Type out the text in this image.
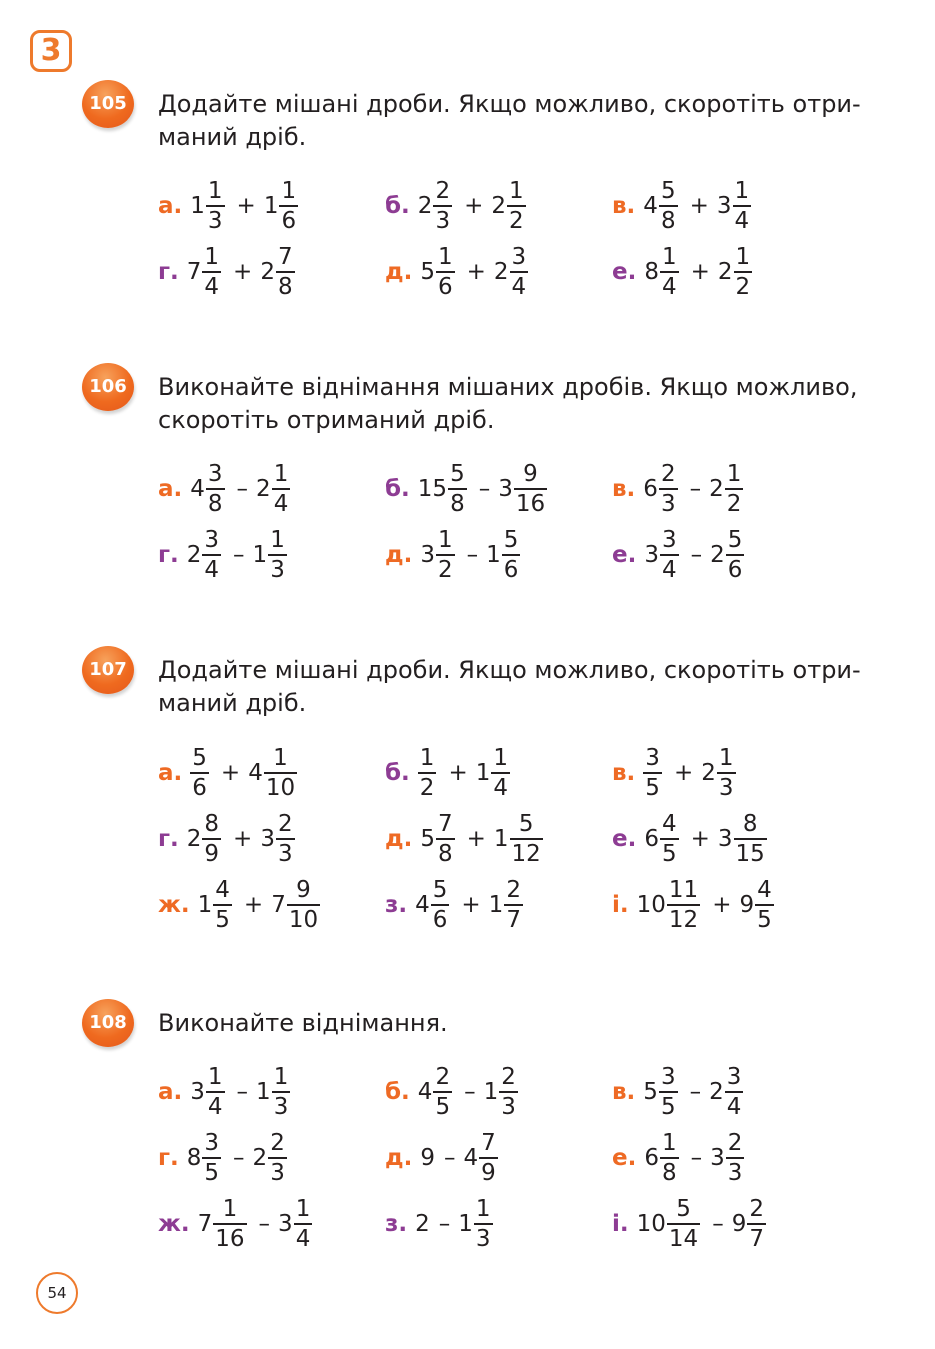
3
105	Додайте мішані дроби. Якщо можливо, скоротіть отри-маний дріб.
а. $1 \frac{1}{3} + 1 \frac{1}{6}$	б. $2 \frac{2}{3} + 2 \frac{1}{2}$	в. $4 \frac{5}{8} + 3 \frac{1}{4}$
г. $7 \frac{1}{4} + 2 \frac{7}{8}$	д. $5 \frac{1}{6} + 2 \frac{3}{4}$	е. $8 \frac{1}{4} + 2 \frac{1}{2}$
106	Виконайте віднімання мішаних дробів. Якщо можливо, скоротіть отриманий дріб.
а. $4 \frac{3}{8} - 2 \frac{1}{4}$	б. $15 \frac{5}{8} - 3 \frac{9}{16}$	в. $6 \frac{2}{3} - 2 \frac{1}{2}$
г. $2 \frac{3}{4} - 1 \frac{1}{3}$	д. $3 \frac{1}{2} - 1 \frac{5}{6}$	е. $3 \frac{3}{4} - 2 \frac{5}{6}$
107	Додайте мішані дроби. Якщо можливо, скоротіть отри-маний дріб.
а. $\frac{5}{6} + 4 \frac{1}{10}$	б. $\frac{1}{2} + 1 \frac{1}{4}$	в. $\frac{3}{5} + 2 \frac{1}{3}$
г. $2 \frac{8}{9} + 3 \frac{2}{3}$	д. $5 \frac{7}{8} + 1 \frac{5}{12}$	е. $6 \frac{4}{5} + 3 \frac{8}{15}$
ж. $1 \frac{4}{5} + 7 \frac{9}{10}$	з. $4 \frac{5}{6} + 1 \frac{2}{7}$	і. $10 \frac{11}{12} + 9 \frac{4}{5}$
108	Виконайте віднімання.
а. $3 \frac{1}{4} - 1 \frac{1}{3}$	б. $4 \frac{2}{5} - 1 \frac{2}{3}$	в. $5 \frac{3}{5} - 2 \frac{3}{4}$
г. $8 \frac{3}{5} - 2 \frac{2}{3}$	д. $9 - 4 \frac{7}{9}$	е. $6 \frac{1}{8} - 3 \frac{2}{3}$
ж. $7 \frac{1}{16} - 3 \frac{1}{4}$	з. $2 - 1 \frac{1}{3}$	і. $10 \frac{5}{14} - 9 \frac{2}{7}$
54
